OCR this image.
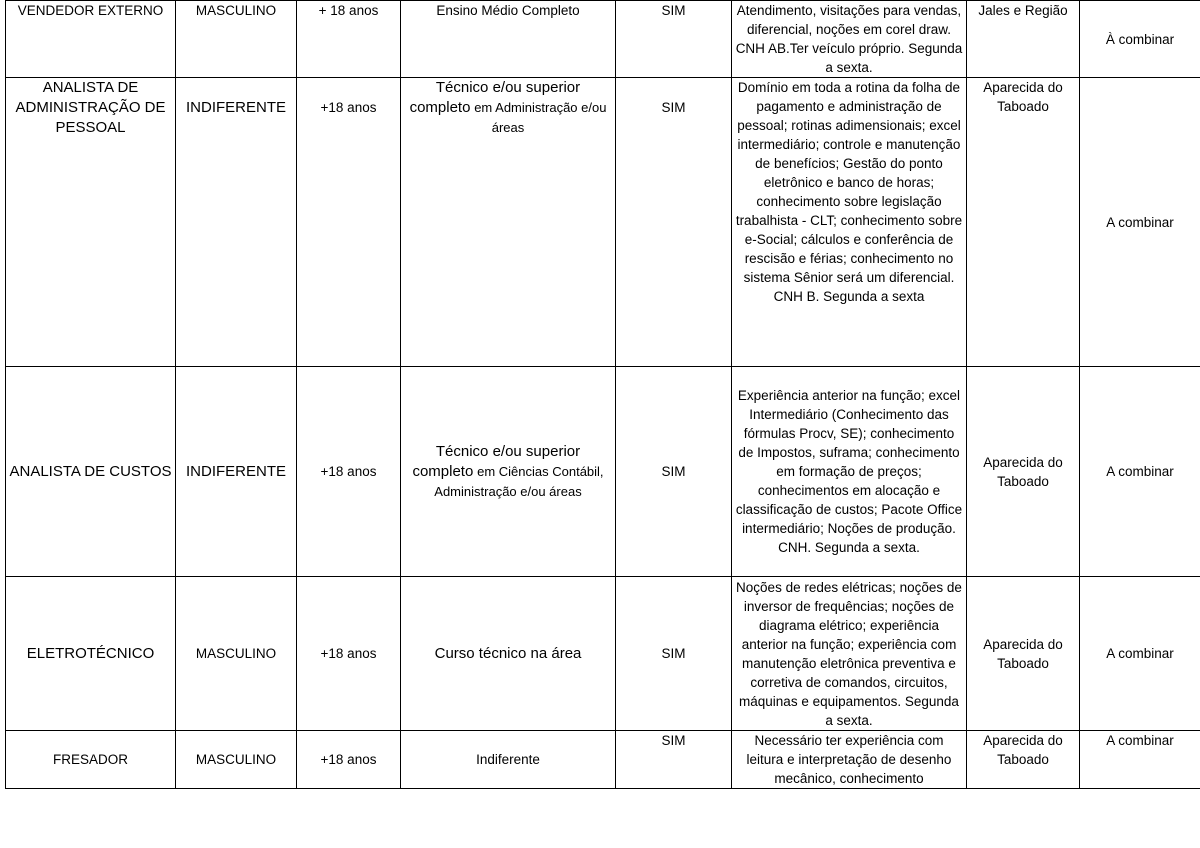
VENDEDOR EXTERNO	MASCULINO	+ 18 anos	Ensino Médio Completo	SIM	Atendimento, visitações para vendas, diferencial, noções em corel draw. CNH AB.Ter veículo próprio. Segunda a sexta.	Jales e Região	À combinar
ANALISTA DE ADMINISTRAÇÃO DE PESSOAL	INDIFERENTE	+18 anos	Técnico e/ou superior completo em Administração e/ou áreas	SIM	Domínio em toda a rotina da folha de pagamento e administração de pessoal; rotinas adimensionais; excel intermediário; controle e manutenção de benefícios; Gestão do ponto eletrônico e banco de horas; conhecimento sobre legislação trabalhista - CLT; conhecimento sobre e-Social; cálculos e conferência de rescisão e férias; conhecimento no sistema Sênior será um diferencial. CNH B. Segunda a sexta	Aparecida do Taboado	A combinar
ANALISTA DE CUSTOS	INDIFERENTE	+18 anos	Técnico e/ou superior completo em Ciências Contábil, Administração e/ou áreas	SIM	Experiência anterior na função; excel Intermediário (Conhecimento das fórmulas Procv, SE); conhecimento de Impostos, suframa; conhecimento em formação de preços; conhecimentos em alocação e classificação de custos; Pacote Office intermediário; Noções de produção. CNH. Segunda a sexta.	Aparecida do Taboado	A combinar
ELETROTÉCNICO	MASCULINO	+18 anos	Curso técnico na área	SIM	Noções de redes elétricas; noções de inversor de frequências; noções de diagrama elétrico; experiência anterior na função; experiência com manutenção eletrônica preventiva e corretiva de comandos, circuitos, máquinas e equipamentos. Segunda a sexta.	Aparecida do Taboado	A combinar
FRESADOR	MASCULINO	+18 anos	Indiferente	SIM	Necessário ter experiência com leitura e interpretação de desenho mecânico, conhecimento	Aparecida do Taboado	A combinar
